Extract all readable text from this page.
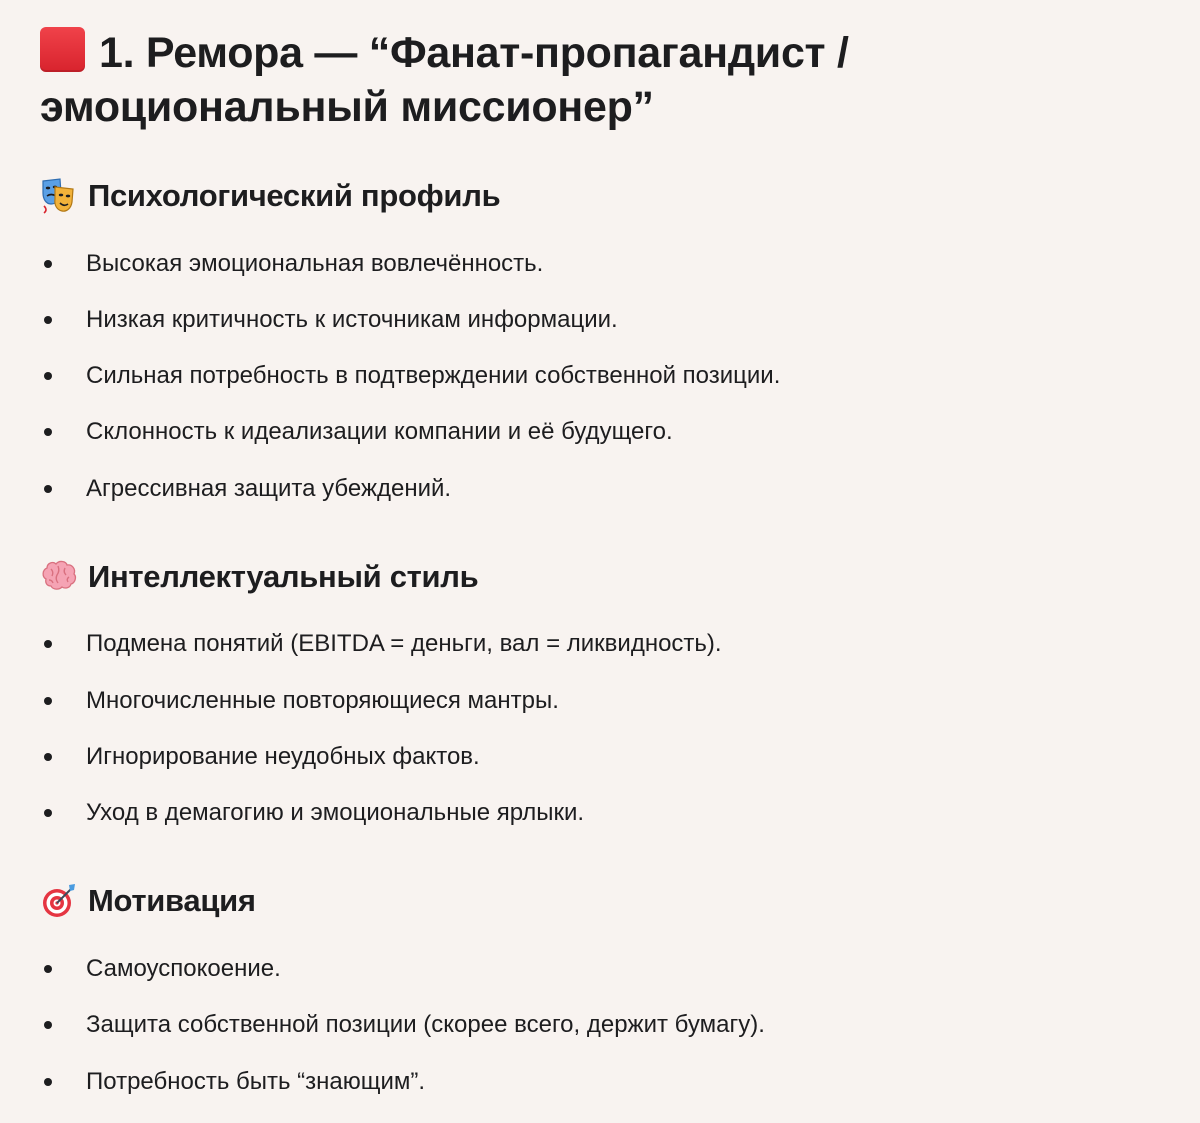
1. Ремора — “Фанат-пропагандист / эмоциональный миссионер”
Психологический профиль
Высокая эмоциональная вовлечённость.
Низкая критичность к источникам информации.
Сильная потребность в подтверждении собственной позиции.
Склонность к идеализации компании и её будущего.
Агрессивная защита убеждений.
Интеллектуальный стиль
Подмена понятий (EBITDA = деньги, вал = ликвидность).
Многочисленные повторяющиеся мантры.
Игнорирование неудобных фактов.
Уход в демагогию и эмоциональные ярлыки.
Мотивация
Самоуспокоение.
Защита собственной позиции (скорее всего, держит бумагу).
Потребность быть “знающим”.
